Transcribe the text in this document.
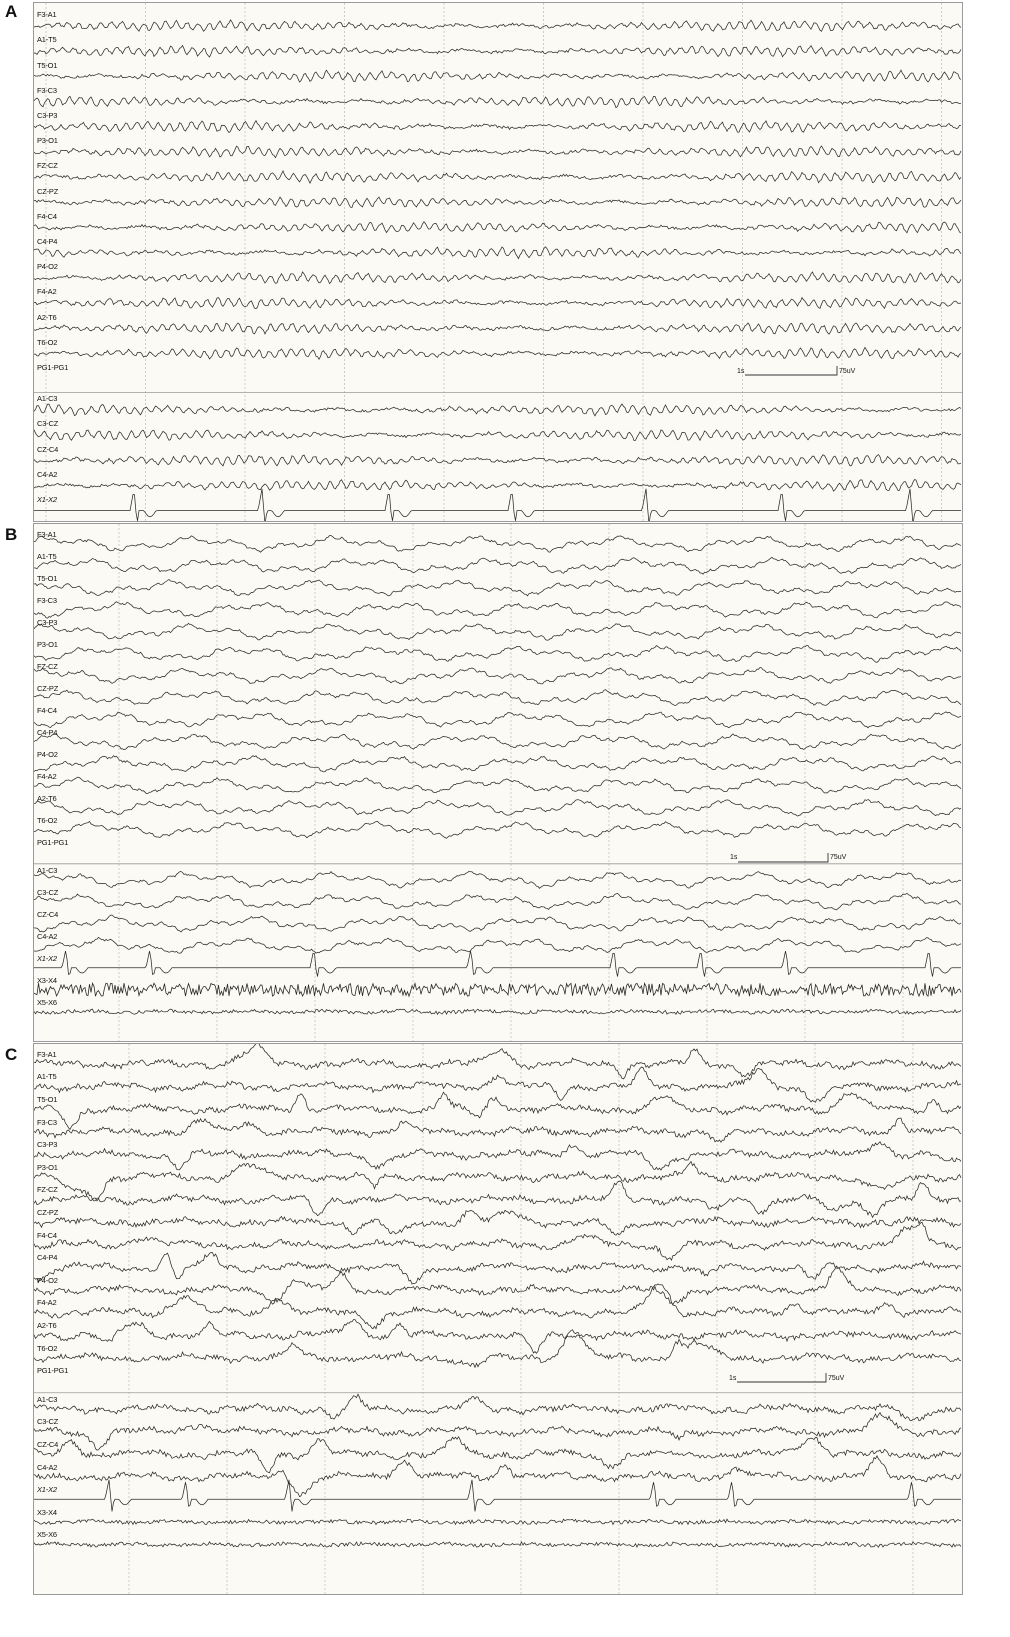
A	F3-A1
A1-T5
T5-O1
F3-C3
C3-P3
P3-O1
FZ-CZ
CZ-PZ
F4-C4
C4-P4
P4-O2
F4-A2
A2-T6
T6-O2
PG1-PG1
A1-C3
C3-CZ
CZ-C4
C4-A2
X1-X2
1s	75uV
B	F3-A1
A1-T5
T5-O1
F3-C3
C3-P3
P3-O1
FZ-CZ
CZ-PZ
F4-C4
C4-P4
P4-O2
F4-A2
A2-T6
T6-O2
PG1-PG1
A1-C3
C3-CZ
CZ-C4
C4-A2
X1-X2
X3-X4
X5-X6
1s	75uV
C	F3-A1
A1-T5
T5-O1
F3-C3
C3-P3
P3-O1
FZ-CZ
CZ-PZ
F4-C4
C4-P4
P4-O2
F4-A2
A2-T6
T6-O2
PG1-PG1
A1-C3
C3-CZ
CZ-C4
C4-A2
X1-X2
X3-X4
X5-X6
1s	75uV
